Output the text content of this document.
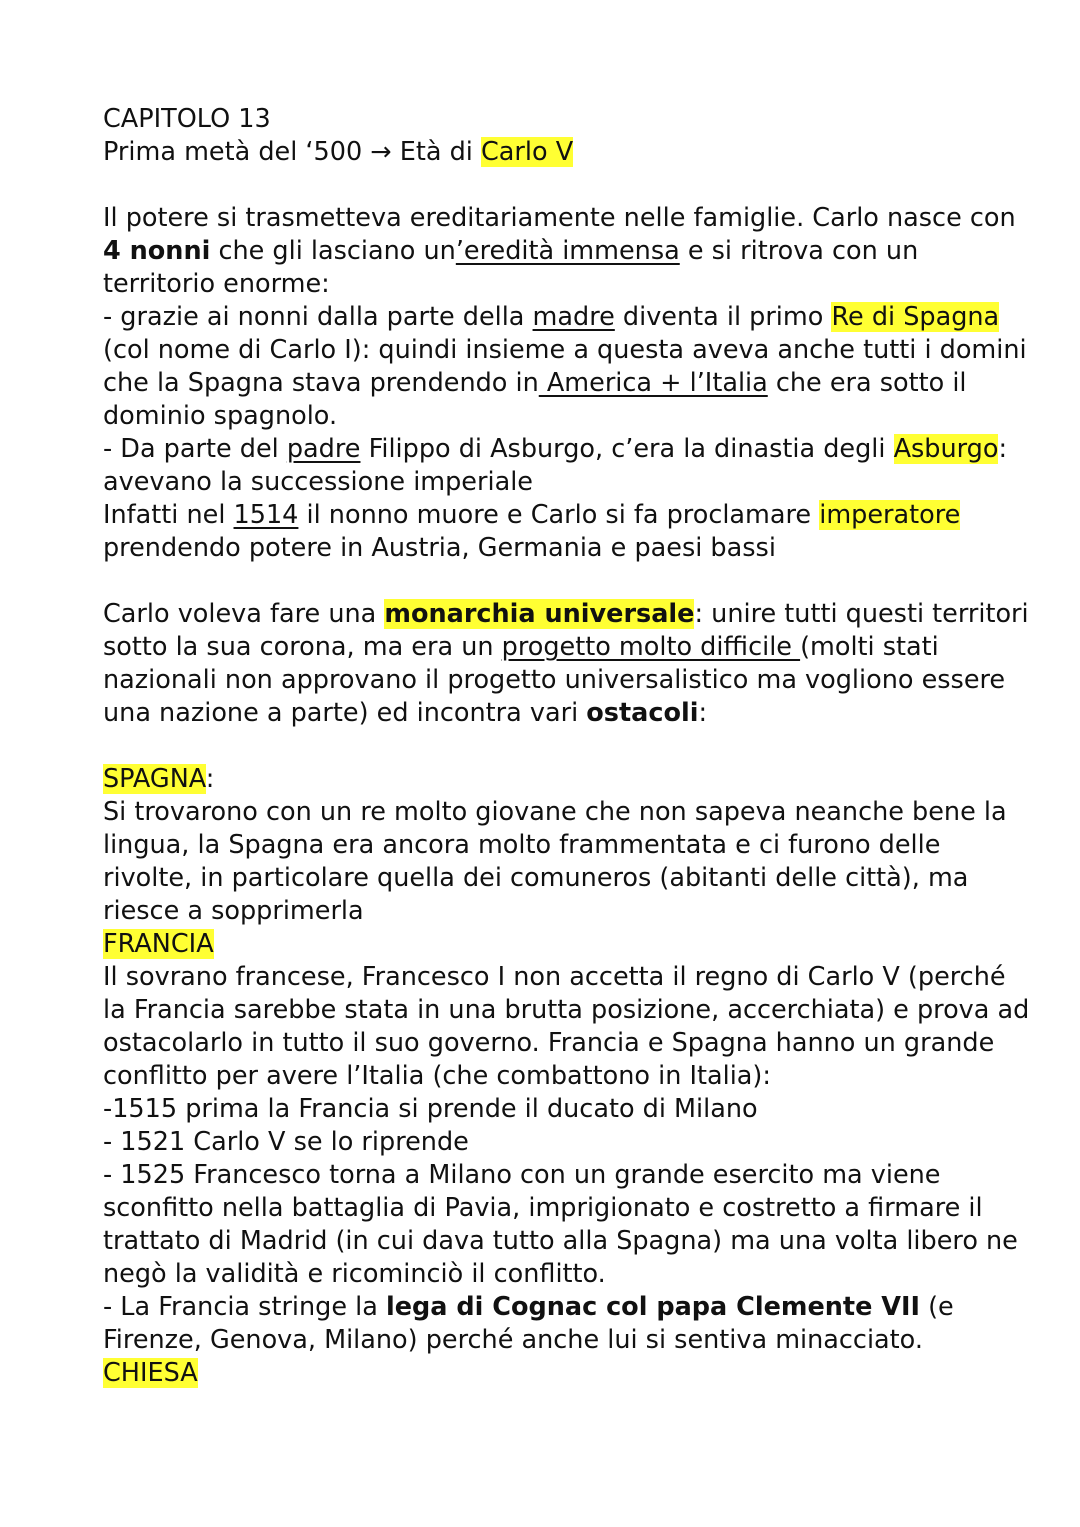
CAPITOLO 13
Prima metà del ‘500 → Età di Carlo V
Il potere si trasmetteva ereditariamente nelle famiglie. Carlo nasce con
4 nonni che gli lasciano un’eredità immensa e si ritrova con un
territorio enorme:
- grazie ai nonni dalla parte della madre diventa il primo Re di Spagna
(col nome di Carlo I): quindi insieme a questa aveva anche tutti i domini
che la Spagna stava prendendo in America + l’Italia che era sotto il
dominio spagnolo.
- Da parte del padre Filippo di Asburgo, c’era la dinastia degli Asburgo:
avevano la successione imperiale
Infatti nel 1514 il nonno muore e Carlo si fa proclamare imperatore
prendendo potere in Austria, Germania e paesi bassi
Carlo voleva fare una monarchia universale: unire tutti questi territori
sotto la sua corona, ma era un progetto molto difficile (molti stati
nazionali non approvano il progetto universalistico ma vogliono essere
una nazione a parte) ed incontra vari ostacoli:
SPAGNA:
Si trovarono con un re molto giovane che non sapeva neanche bene la
lingua, la Spagna era ancora molto frammentata e ci furono delle
rivolte, in particolare quella dei comuneros (abitanti delle città), ma
riesce a sopprimerla
FRANCIA
Il sovrano francese, Francesco I non accetta il regno di Carlo V (perché
la Francia sarebbe stata in una brutta posizione, accerchiata) e prova ad
ostacolarlo in tutto il suo governo. Francia e Spagna hanno un grande
conflitto per avere l’Italia (che combattono in Italia):
-1515 prima la Francia si prende il ducato di Milano
- 1521 Carlo V se lo riprende
- 1525 Francesco torna a Milano con un grande esercito ma viene
sconfitto nella battaglia di Pavia, imprigionato e costretto a firmare il
trattato di Madrid (in cui dava tutto alla Spagna) ma una volta libero ne
negò la validità e ricominciò il conflitto.
- La Francia stringe la lega di Cognac col papa Clemente VII (e
Firenze, Genova, Milano) perché anche lui si sentiva minacciato.
CHIESA
